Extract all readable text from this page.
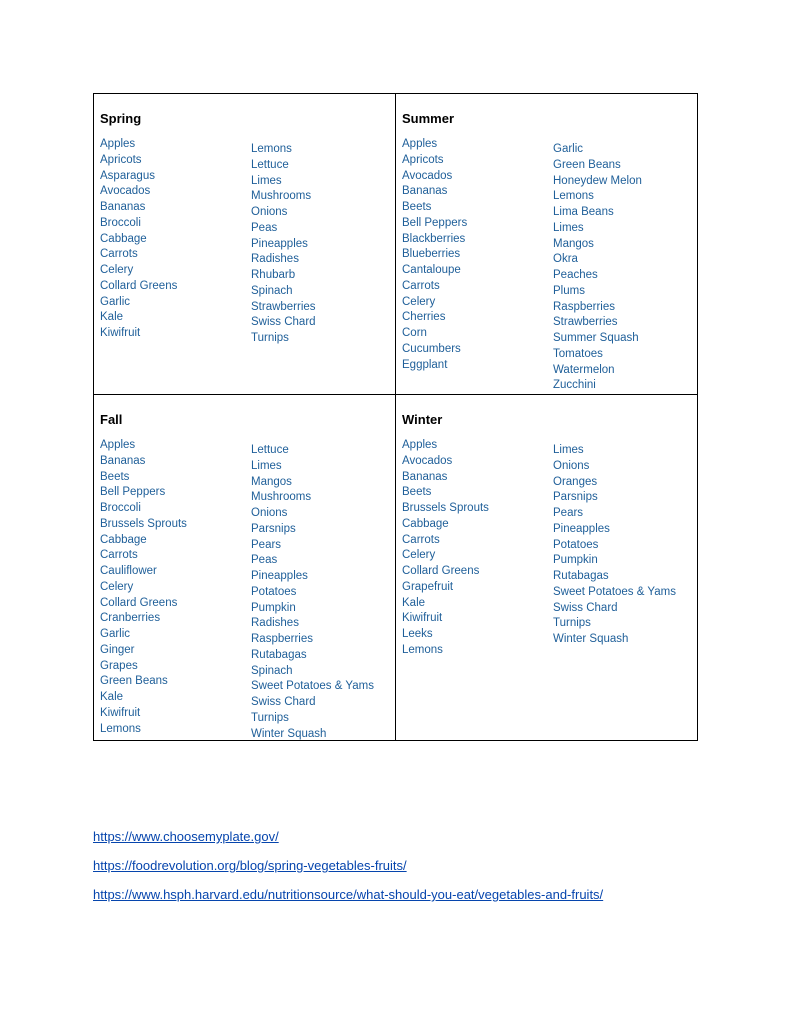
Spring
Apples
Apricots
Asparagus
Avocados
Bananas
Broccoli
Cabbage
Carrots
Celery
Collard Greens
Garlic
Kale
Kiwifruit
Lemons
Lettuce
Limes
Mushrooms
Onions
Peas
Pineapples
Radishes
Rhubarb
Spinach
Strawberries
Swiss Chard
Turnips
Summer
Apples
Apricots
Avocados
Bananas
Beets
Bell Peppers
Blackberries
Blueberries
Cantaloupe
Carrots
Celery
Cherries
Corn
Cucumbers
Eggplant
Garlic
Green Beans
Honeydew Melon
Lemons
Lima Beans
Limes
Mangos
Okra
Peaches
Plums
Raspberries
Strawberries
Summer Squash
Tomatoes
Watermelon
Zucchini
Fall
Apples
Bananas
Beets
Bell Peppers
Broccoli
Brussels Sprouts
Cabbage
Carrots
Cauliflower
Celery
Collard Greens
Cranberries
Garlic
Ginger
Grapes
Green Beans
Kale
Kiwifruit
Lemons
Lettuce
Limes
Mangos
Mushrooms
Onions
Parsnips
Pears
Peas
Pineapples
Potatoes
Pumpkin
Radishes
Raspberries
Rutabagas
Spinach
Sweet Potatoes & Yams
Swiss Chard
Turnips
Winter Squash
Winter
Apples
Avocados
Bananas
Beets
Brussels Sprouts
Cabbage
Carrots
Celery
Collard Greens
Grapefruit
Kale
Kiwifruit
Leeks
Lemons
Limes
Onions
Oranges
Parsnips
Pears
Pineapples
Potatoes
Pumpkin
Rutabagas
Sweet Potatoes & Yams
Swiss Chard
Turnips
Winter Squash
https://www.choosemyplate.gov/
https://foodrevolution.org/blog/spring-vegetables-fruits/
https://www.hsph.harvard.edu/nutritionsource/what-should-you-eat/vegetables-and-fruits/
